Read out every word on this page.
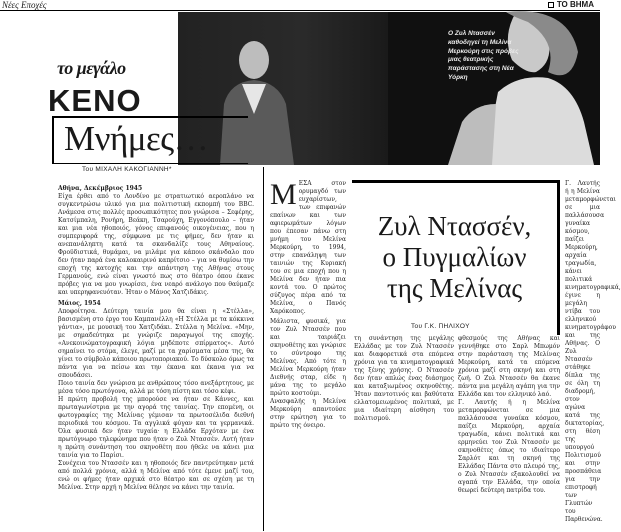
Νέες Εποχές	ΤΟ ΒΗΜΑ
το μεγάλο
ΚΕΝΟ
Ο Ζυλ Ντασσέν καθοδηγεί τη Μελίνα Μερκούρη στις πρόβες μιας θεατρικής παράστασης στη Νέα Υόρκη
Μνήμες…
Του ΜΙΧΑΛΗ ΚΑΚΟΓΙΑΝΝΗ*

Αθήνα, Δεκέμβριος 1945

Είχα έρθει από το Λονδίνο με στρατιωτικό αεροπλάνο να συγκεντρώσω υλικό για μια πολιτιστική εκπομπή του BBC. Ανάμεσα στις πολλές προσωπικότητες που γνώρισα – Σεφέρης, Κατσίμπαλη, Ρονήρη, Βεάκη, Τσαρούχη, Εγγονόπουλο – ήταν και μια νέα ηθοποιός, γόνος επιφανούς οικογένειας, που η συμπεριφορά της, σύμφωνα με τις φήμες, δεν ήταν κι ανεπανάληπτη κατά τα σκανδαλίζε τους Αθηναίους. Φροϋδιστικά, θυμάμαι, να μιλάμε για κάποιο σκάνδαλο που δεν ήταν παρά ένα καλοκαιρινό καπρίτσιο – για να θυμίσω την εποχή της κατοχής και την απάντηση της Αθήνας στους Γερμανούς, ενώ είναι γνωστό πως στο θέατρο όπου έκανε πρόβες για να μου γνωρίσει, ένα νεαρό ανάλογο που θαύμαζε και υπερηφανευόταν. Ήταν ο Μάνος Χατζιδάκις.

Μάιος, 1954

Αποφοίτησα. Δεύτερη ταινία μου θα είναι η «Στέλλα», βασισμένη στο έργο του Καμπανέλλη «Η Στέλλα με τα κόκκινα γάντια», με μουσική του Χατζιδάκι. Στέλλα η Μελίνα. «Μην, με σημαδεύτηκα με γνώριζε παραγωγοί της εποχής. «Ανεκοινώματογραφική λόγια μηδέποτε σπίρματος». Αυτό σημαίνει το στόμα, έλεγε, μαζί με τα χαρίσματα μέσα της, θα γίνει το σύμβολο κάποιου πρωτοποριακού. Το δύσκολο όμως τα πάντα για να πείσω και την έκανα και έκανα για να σπουδάσει.

Ποιο ταινία δεν γνώρισα με ανθρώπους τόσο ανεξάρτητους, με μέσα τόσο πρωτόγονα, αλλά με τόση πίστη και τόσο κέφι.

Η πρώτη προβολή της μπορούσε να ήταν σε Κάννες, και πρωταγωνίστρια με την αγορά της ταινίας. Την επομένη, οι φωτογραφίες της Μελίνας γέμισαν τα πρωτοσέλιδα διεθνή περιοδικά του κόσμου. Τα αγγλικά φύγαν και τα γερμανικά. Όλα φυσικά δεν ήταν τυχαία· η Ελλάδα Ερχόταν με ένα πρωτόγνωρο τηλεφώνημα που ήταν ο Ζυλ Ντασσέν. Αυτή ήταν η πρώτη συνάντηση του σκηνοθέτη που ήθελε να κάνει μια ταινία για το Παρίσι.

Συνέχεια του Ντασσέν και η ηθοποιός δεν παντρεύτηκαν μετά από πολλά χρόνια, αλλά η Μελίνα από τότε έμενε μαζί του, ενώ οι φήμες ήταν αρχικά στο θέατρο και σε σχέση με τη Μελίνα. Στην αρχή η Μελίνα θέλησε να κάνει την ταινία.

Μ ΕΣΑ στον ορυμαγδό των ευχαρίστων, των επιφανών επαίνων και των αφιερωμάτων λόγων που έπεσαν πάνω στη μνήμη του Μελίνα Μερκούρη, το 1994, στην επανάληψη των ταινιών της Κυριακή του σε μια εποχή που η Μελίνα δεν ήταν πια κοντά του. Ο πρώτος σύζυγος πέρα από τα Μελίνα, ο Πανός Χαρόκοπος.
Ζυλ Ντασσέν,
ο Πυγμαλίων
της Μελίνας
Του Γ.Κ. ΠΗΛΙΧΟΥ

Γ. Λαυτής ή η Μελίνα μεταμορφώνεται σε μια παλλάσουσα γυναίκα κόσμου, παίζει Μερκούρη, αρχαία τραγωδία, κάνει πολιτικά κινηματογραφικά, έγινε η μεγάλη ντίβα του ελληνικού κινηματογράφου και της Αθήνας. Ο Ζυλ Ντασσέν στάθηκε δίπλα της σε όλη τη διαδρομή, στον αγώνα κατά της δικτατορίας, στη θέση της υπουργού Πολιτισμού και στην προσπάθεια για την επιστροφή των Γλυπτών του Παρθενώνα.

Μάλιστα, φυσικά, για τον Ζυλ Ντασσέν που και ταιριάζει σκηνοθέτης και γνώρισε το σύντροφο της Μελίνας. Από τότε η Μελίνα Μερκούρη ήταν Διεθνής σταρ, είδε η μάνα της το μεγάλο πρώτο κοστούμι.

Ανασφαλής η Μελίνα Μερκούρη απαντούσε στην ερώτηση για το πρώτο της όνειρο.

τη συνάντηση της μεγάλης Ελλάδας με τον Ζυλ Ντασσέν και διαφορετικά στα επόμενα χρόνια για τα κινηματογραφικά της ξένης χρήσης. Ο Ντασσέν δεν ήταν απλώς ένας διάσημος και καταξιωμένος σκηνοθέτης. Ήταν παντοτινός και βαθύτατα ελλατομειωμένος πολιτικά, με μια ιδιαίτερη αίσθηση του πολιτισμού.

φθεσμούς της Αθήνας και γεννήθηκε στο Σαρλ Μπωμόν στην παράσταση της Μελίνας Μερκούρη, κατά τα επόμενα χρόνια μαζί στη σκηνή και στη ζωή. Ο Ζυλ Ντασσέν θα έκανε πάντα μια μεγάλη αγάπη για την Ελλάδα και τον ελληνικό λαό.

Γ. Λαυτής ή η Μελίνα μεταμορφώνεται σε μια παλλάσουσα γυναίκα κόσμου, παίζει Μερκούρη, αρχαία τραγωδία, κάνει πολιτικά και ερμηνεύει τον Ζυλ Ντασσέν με σκηνοθέτες όπως το ιδιαίτερο Σαρλότ και τη σκηνή της Ελλάδας Πάντα στο πλευρό της, ο Ζυλ Ντασσέν εξακολουθεί να αγαπά την Ελλάδα, την οποία θεωρεί δεύτερη πατρίδα του.
